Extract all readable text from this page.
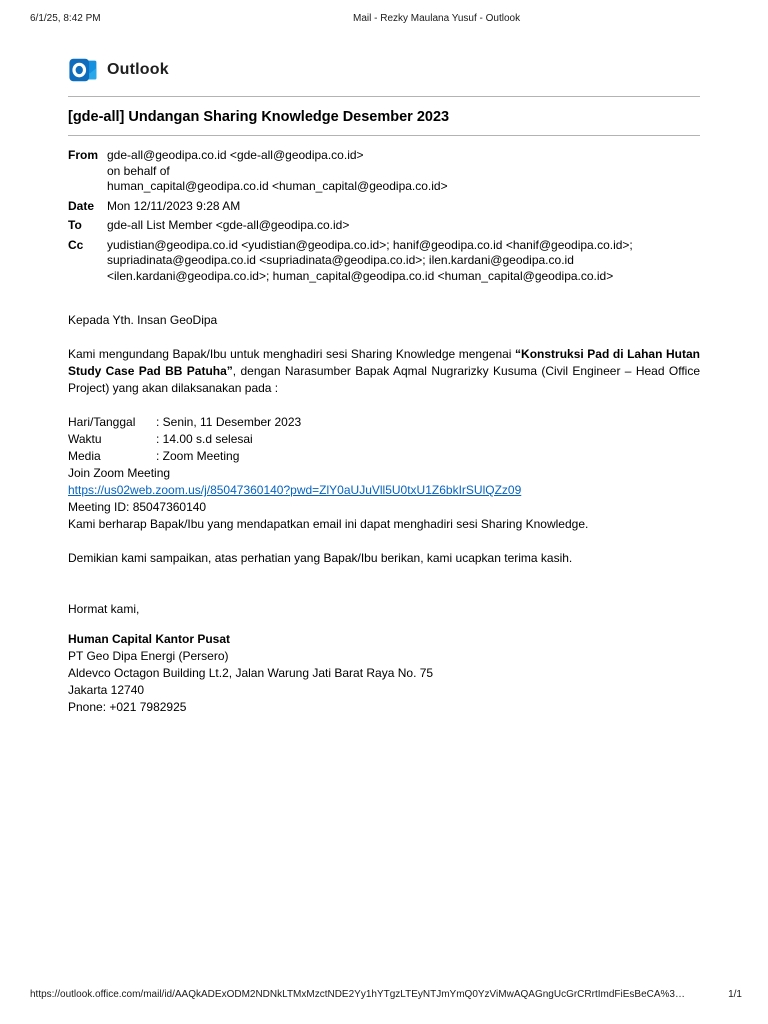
6/1/25, 8:42 PM	Mail - Rezky Maulana Yusuf - Outlook
Outlook
[gde-all] Undangan Sharing Knowledge Desember 2023
From gde-all@geodipa.co.id <gde-all@geodipa.co.id>
on behalf of
human_capital@geodipa.co.id <human_capital@geodipa.co.id>
Date	Mon 12/11/2023 9:28 AM
To	gde-all List Member <gde-all@geodipa.co.id>
Cc	yudistian@geodipa.co.id <yudistian@geodipa.co.id>; hanif@geodipa.co.id <hanif@geodipa.co.id>; supriadinata@geodipa.co.id <supriadinata@geodipa.co.id>; ilen.kardani@geodipa.co.id <ilen.kardani@geodipa.co.id>; human_capital@geodipa.co.id <human_capital@geodipa.co.id>
Kepada Yth. Insan GeoDipa
Kami mengundang Bapak/Ibu untuk menghadiri sesi Sharing Knowledge mengenai “Konstruksi Pad di Lahan Hutan Study Case Pad BB Patuha”, dengan Narasumber Bapak Aqmal Nugrarizky Kusuma (Civil Engineer – Head Office Project) yang akan dilaksanakan pada :
Hari/Tanggal	: Senin, 11 Desember 2023
Waktu	: 14.00 s.d selesai
Media	: Zoom Meeting
Join Zoom Meeting
https://us02web.zoom.us/j/85047360140?pwd=ZlY0aUJuVll5U0txU1Z6bkIrSUlQZz09
Meeting ID: 85047360140
Kami berharap Bapak/Ibu yang mendapatkan email ini dapat menghadiri sesi Sharing Knowledge.
Demikian kami sampaikan, atas perhatian yang Bapak/Ibu berikan, kami ucapkan terima kasih.
Hormat kami,
Human Capital Kantor Pusat
PT Geo Dipa Energi (Persero)
Aldevco Octagon Building Lt.2, Jalan Warung Jati Barat Raya No. 75
Jakarta 12740
Pnone: +021 7982925
https://outlook.office.com/mail/id/AAQkADExODM2NDNkLTMxMzctNDE2Yy1hYTgzLTEyNTJmYmQ0YzViMwAQAGngUcGrCRrtImdFiEsBeCA%3…	1/1
